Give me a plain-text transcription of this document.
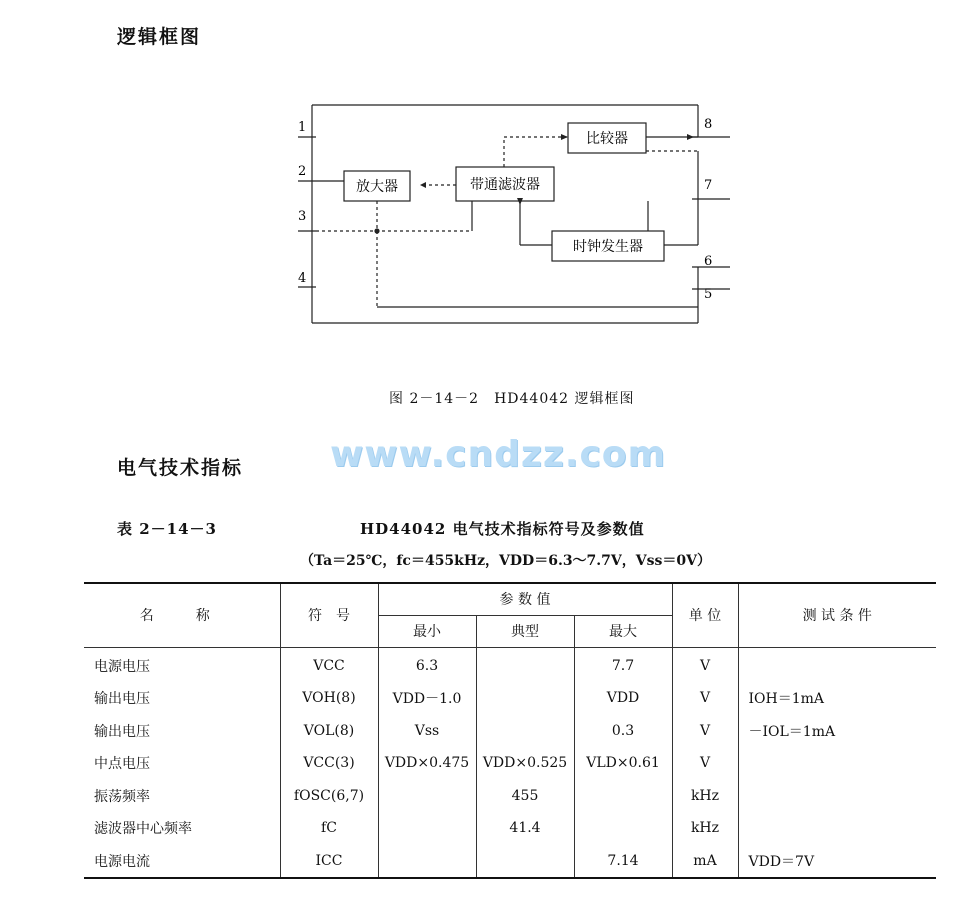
逻辑框图
比较器
放大器	带通滤波器
时钟发生器
1
2
3
4
8
7
6
5
图 2－14－2　HD44042 逻辑框图
www.cndzz.com
电气技术指标
表 2－14－3	HD44042 电气技术指标符号及参数值
（Ta＝25℃，fc＝455kHz，VDD＝6.3～7.7V，Vss＝0V）
名　称	符　号	参 数 值			单 位	测 试 条 件
		最小	典型	最大		
电源电压	VCC	6.3		7.7	V	
输出电压	VOH(8)	VDD－1.0		VDD	V	IOH＝1mA
输出电压	VOL(8)	Vss		0.3	V	－IOL＝1mA
中点电压	VCC(3)	VDD×0.475	VDD×0.525	VLD×0.61	V	
振荡频率	fOSC(6,7)		455		kHz	
滤波器中心频率	fC		41.4		kHz	
电源电流	ICC			7.14	mA	VDD＝7V
